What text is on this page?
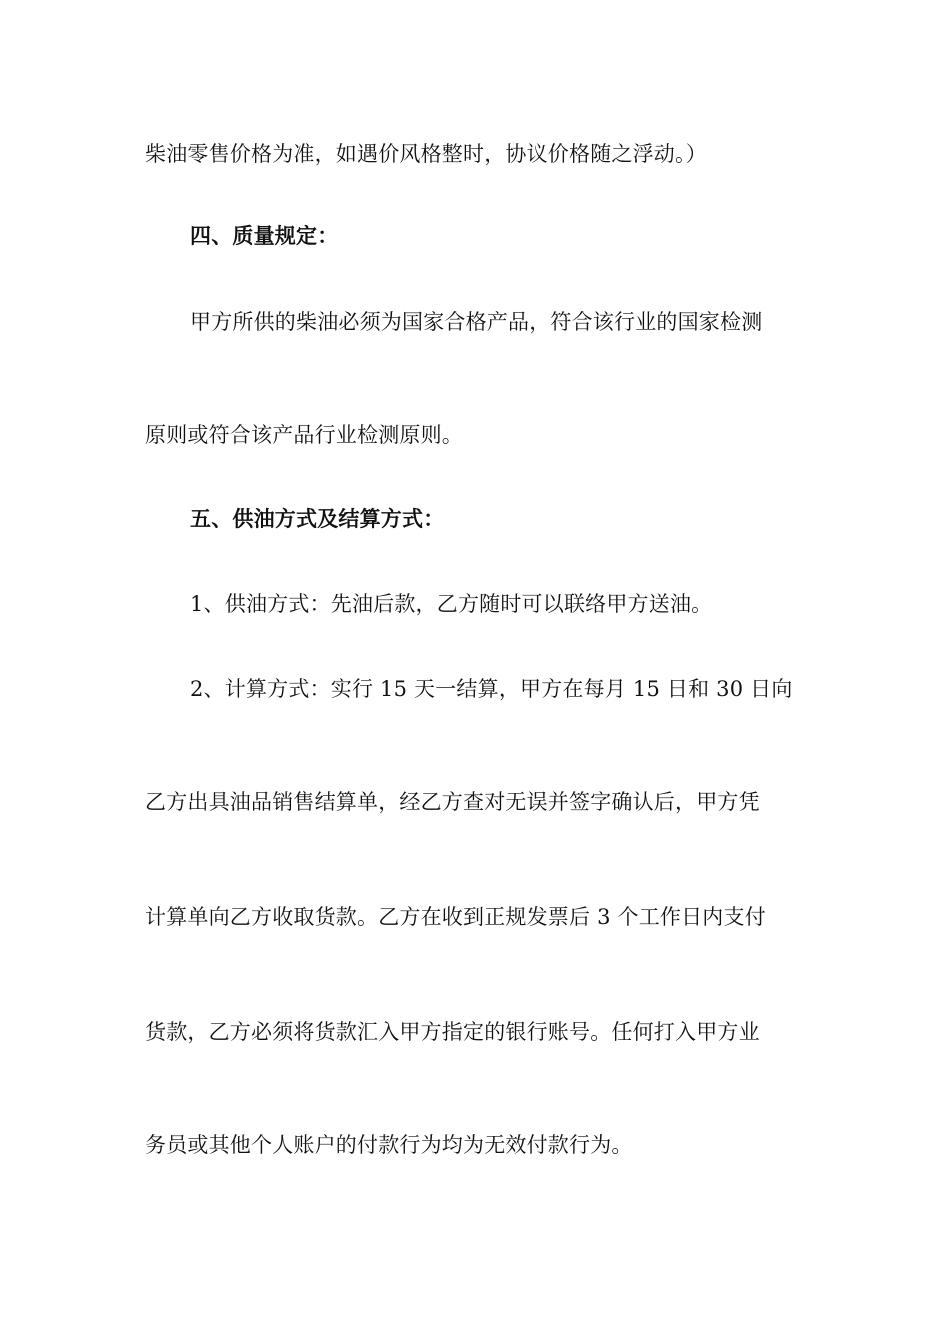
柴油零售价格为准，如遇价风格整时，协议价格随之浮动。）
四、质量规定：
甲方所供的柴油必须为国家合格产品，符合该行业的国家检测
原则或符合该产品行业检测原则。
五、供油方式及结算方式：
1、供油方式：先油后款，乙方随时可以联络甲方送油。
2、计算方式：实行 15 天一结算，甲方在每月 15 日和 30 日向
乙方出具油品销售结算单，经乙方查对无误并签字确认后，甲方凭
计算单向乙方收取货款。乙方在收到正规发票后 3 个工作日内支付
货款，乙方必须将货款汇入甲方指定的银行账号。任何打入甲方业
务员或其他个人账户的付款行为均为无效付款行为。
